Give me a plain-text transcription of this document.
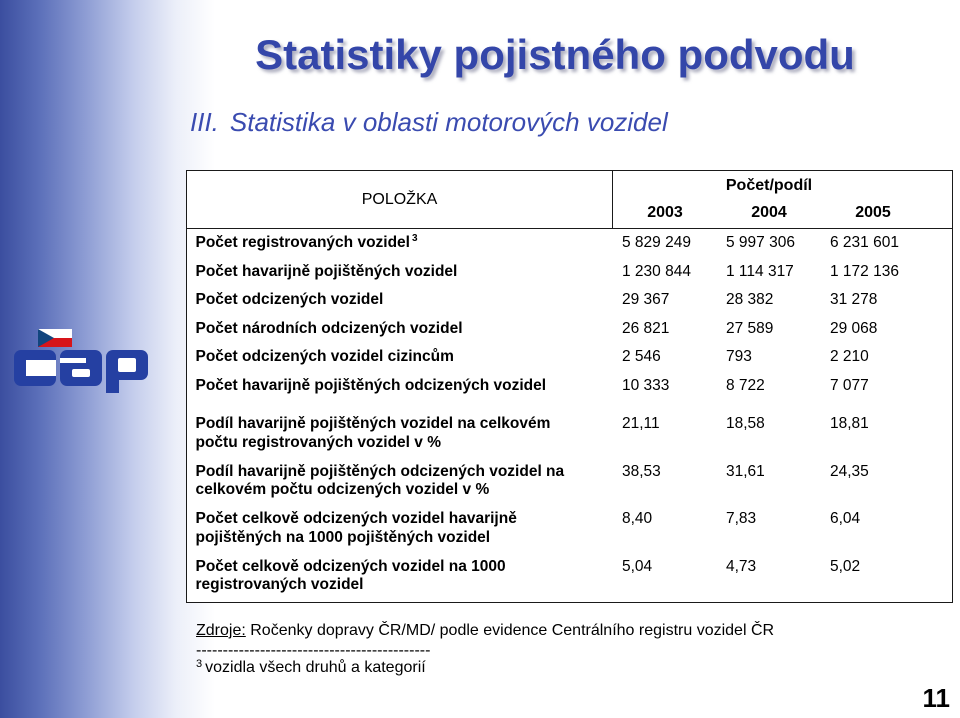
Statistiky pojistného podvodu
III. Statistika v oblasti motorových vozidel
POLOŽKA
Počet/podíl
2003	2004	2005
Počet registrovaných vozidel $^3$	5 829 249	5 997 306	6 231 601
Počet havarijně pojištěných vozidel	1 230 844	1 114 317	1 172 136
Počet odcizených vozidel	29 367	28 382	31 278
Počet národních odcizených vozidel	26 821	27 589	29 068
Počet odcizených vozidel cizincům	2 546	793	2 210
Počet havarijně pojištěných odcizených vozidel	10 333	8 722	7 077
Podíl havarijně pojištěných vozidel na celkovém
počtu registrovaných vozidel v %
21,11	18,58	18,81
Podíl havarijně pojištěných odcizených vozidel na
celkovém počtu odcizených vozidel v %
38,53	31,61	24,35
Počet celkově odcizených vozidel havarijně
pojištěných na 1000 pojištěných vozidel
8,40	7,83	6,04
Počet celkově odcizených vozidel na 1000
registrovaných vozidel
5,04	4,73	5,02
Zdroje: Ročenky dopravy ČR/MD/ podle evidence Centrálního registru vozidel ČR
--------------------------------------------
$^3$ vozidla všech druhů a kategorií
11
